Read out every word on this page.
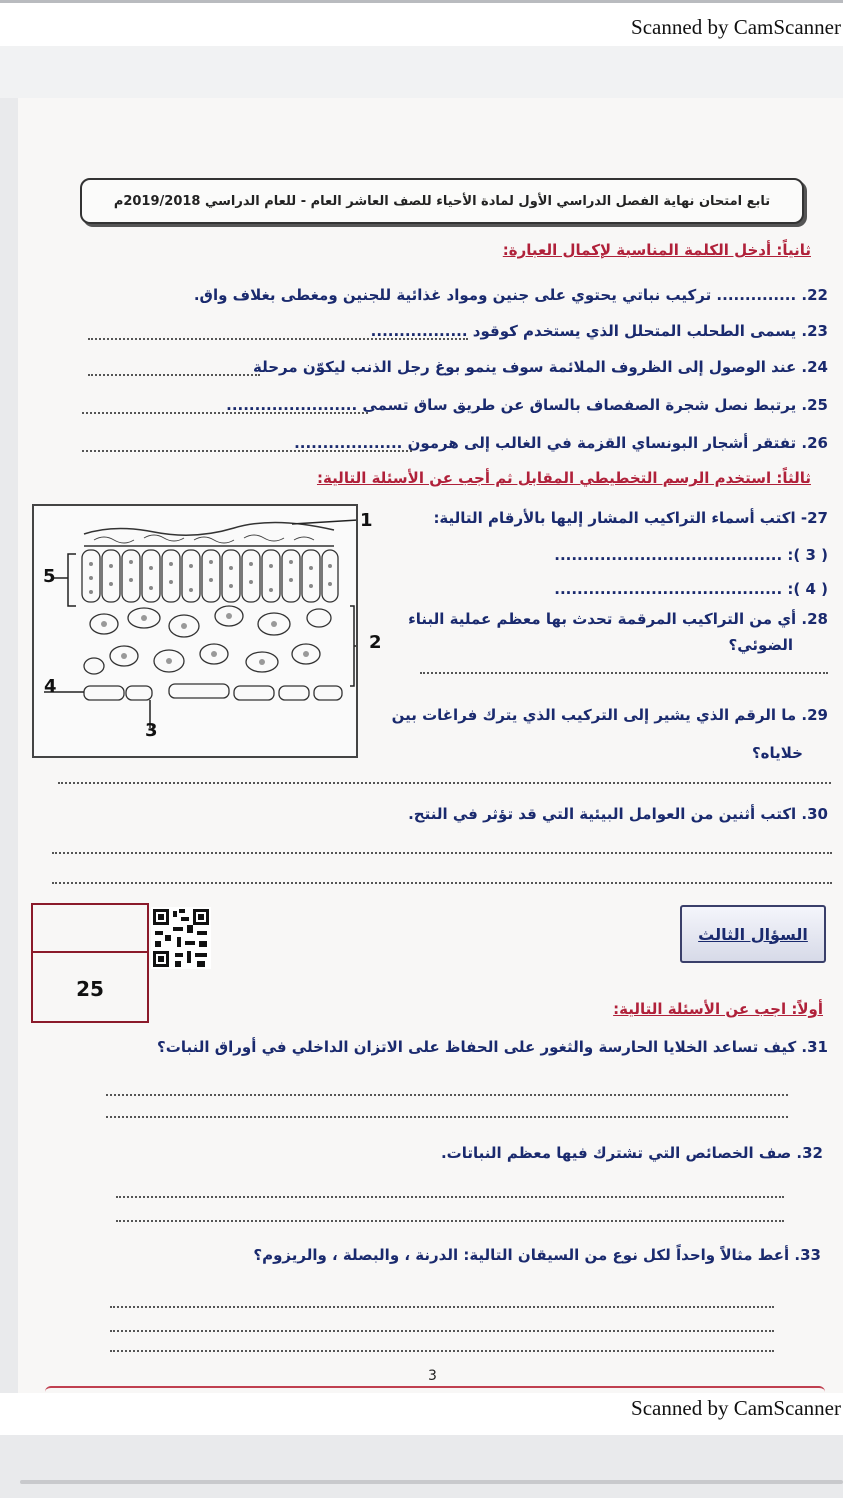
Scanned by CamScanner
تابع امتحان نهاية الفصل الدراسي الأول لمادة الأحياء للصف العاشر العام - للعام الدراسي 2019/2018م
ثانياً: أدخل الكلمة المناسبة لإكمال العبارة:
22. .............. تركيب نباتي يحتوي على جنين ومواد غذائية للجنين ومغطى بغلاف واق.
23. يسمى الطحلب المتحلل الذي يستخدم كوقود .................
24. عند الوصول إلى الظروف الملائمة سوف ينمو بوغ رجل الذنب ليكوّن مرحلة
25. يرتبط نصل شجرة الصفصاف بالساق عن طريق ساق تسمى .......................
26. تفتقر أشجار البونساي القزمة في الغالب إلى هرمون ...................
ثالثاً: استخدم الرسم التخطيطي المقابل ثم أجب عن الأسئلة التالية:
1
2
3
4
5
27- اكتب أسماء التراكيب المشار إليها بالأرقام التالية:
( 3 ): ........................................
( 4 ): ........................................
28. أي من التراكيب المرقمة تحدث بها معظم عملية البناء
الضوئي؟
29. ما الرقم الذي يشير إلى التركيب الذي يترك فراغات بين
خلاياه؟
30. اكتب أثنين من العوامل البيئية التي قد تؤثر في النتح.
25
السؤال الثالث
أولاً: اجب عن الأسئلة التالية:
31. كيف تساعد الخلايا الحارسة والثغور على الحفاظ على الاتزان الداخلي في أوراق النبات؟
32. صف الخصائص التي تشترك فيها معظم النباتات.
33. أعط مثالاً واحداً لكل نوع من السيقان التالية: الدرنة ، والبصلة ، والريزوم؟
3
Scanned by CamScanner
